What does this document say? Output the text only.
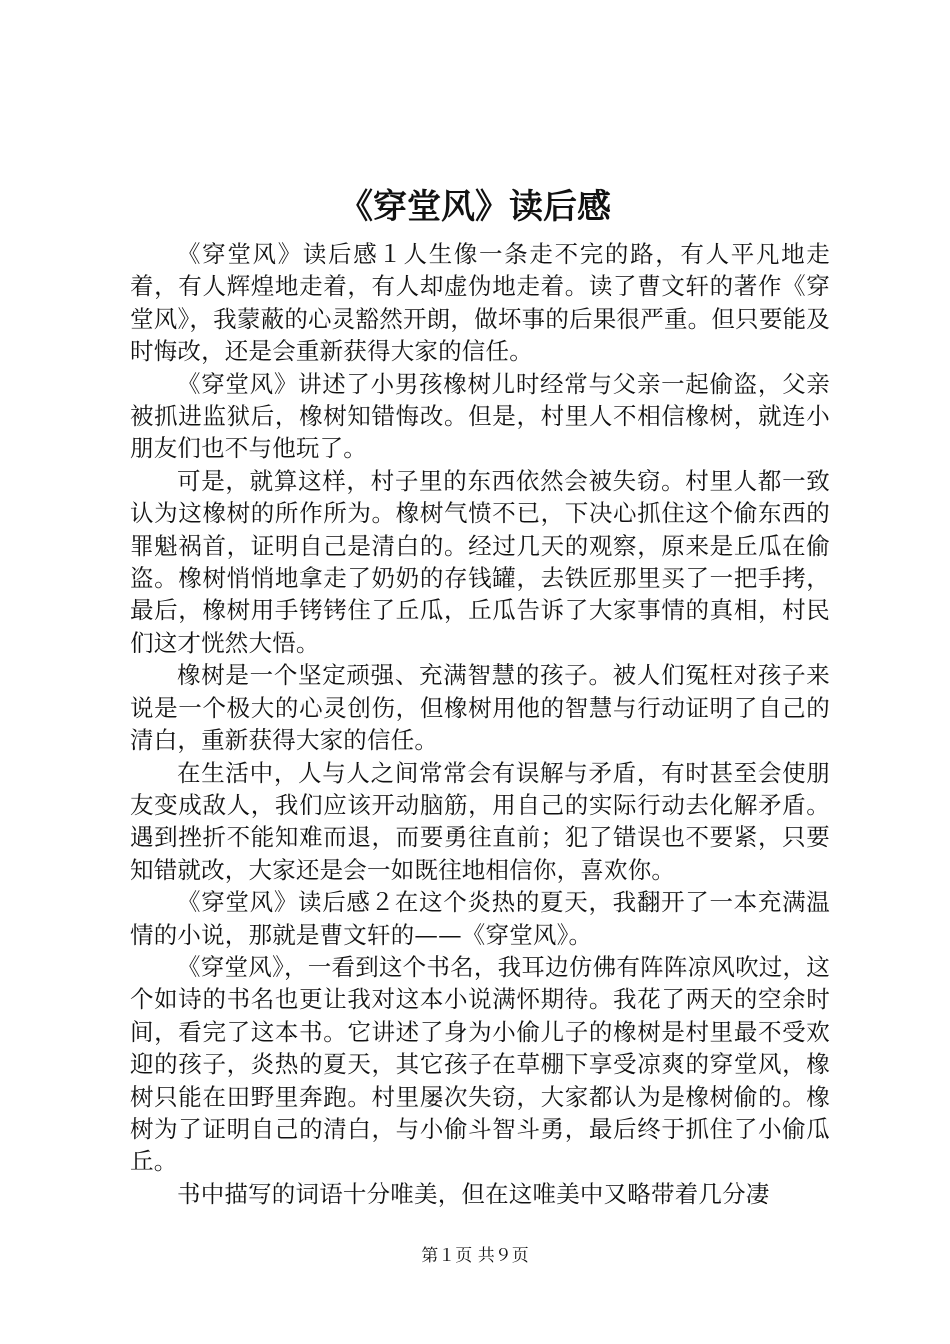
《穿堂风》读后感

《穿堂风》读后感１人生像一条走不完的路，有人平凡地走着，有人辉煌地走着，有人却虚伪地走着。读了曹文轩的著作《穿堂风》，我蒙蔽的心灵豁然开朗，做坏事的后果很严重。但只要能及时悔改，还是会重新获得大家的信任。

《穿堂风》讲述了小男孩橡树儿时经常与父亲一起偷盗，父亲被抓进监狱后，橡树知错悔改。但是，村里人不相信橡树，就连小朋友们也不与他玩了。

可是，就算这样，村子里的东西依然会被失窃。村里人都一致认为这橡树的所作所为。橡树气愤不已，下决心抓住这个偷东西的罪魁祸首，证明自己是清白的。经过几天的观察，原来是丘瓜在偷盗。橡树悄悄地拿走了奶奶的存钱罐，去铁匠那里买了一把手拷，最后，橡树用手铐铐住了丘瓜，丘瓜告诉了大家事情的真相，村民们这才恍然大悟。

橡树是一个坚定顽强、充满智慧的孩子。被人们冤枉对孩子来说是一个极大的心灵创伤，但橡树用他的智慧与行动证明了自己的清白，重新获得大家的信任。

在生活中，人与人之间常常会有误解与矛盾，有时甚至会使朋友变成敌人，我们应该开动脑筋，用自己的实际行动去化解矛盾。遇到挫折不能知难而退，而要勇往直前；犯了错误也不要紧，只要知错就改，大家还是会一如既往地相信你，喜欢你。

《穿堂风》读后感２在这个炎热的夏天，我翻开了一本充满温情的小说，那就是曹文轩的——《穿堂风》。

《穿堂风》，一看到这个书名，我耳边仿佛有阵阵凉风吹过，这个如诗的书名也更让我对这本小说满怀期待。我花了两天的空余时间，看完了这本书。它讲述了身为小偷儿子的橡树是村里最不受欢迎的孩子，炎热的夏天，其它孩子在草棚下享受凉爽的穿堂风，橡树只能在田野里奔跑。村里屡次失窃，大家都认为是橡树偷的。橡树为了证明自己的清白，与小偷斗智斗勇，最后终于抓住了小偷瓜丘。

书中描写的词语十分唯美，但在这唯美中又略带着几分凄

第１页 共９页
